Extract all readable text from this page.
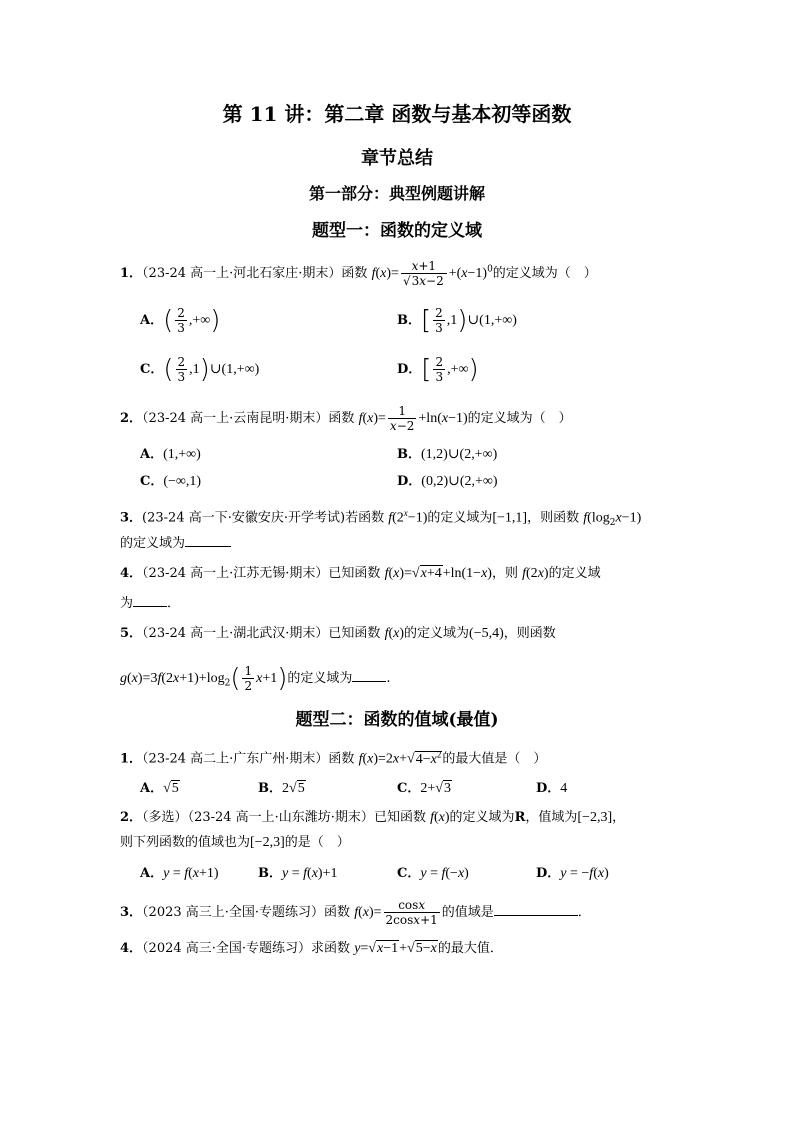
第 11 讲：第二章 函数与基本初等函数
章节总结
第一部分：典型例题讲解
题型一：函数的定义域
1．（23-24 高一上·河北石家庄·期末）函数 $f(x)= \frac{x+1}{√3x-2} +(x-1)^0$的定义域为（　）
A．( $\frac{2}{3}$ ,+∞)	B．[ $\frac{2}{3}$ ,1)∪(1,+∞)
C．( $\frac{2}{3}$ ,1)∪(1,+∞)	D．[ $\frac{2}{3}$ ,+∞)
2．（23-24 高一上·云南昆明·期末）函数 $f(x)= \frac{1}{x-2} +\ln(x-1)$的定义域为（　）
A．(1,+∞)	B．(1,2)∪(2,+∞)
C．(−∞,1)	D．(0,2)∪(2,+∞)
3．(23-24 高一下·安徽安庆·开学考试)若函数 $f(2^x-1)$的定义域为[−1,1]，则函数 $f(\log_2x-1)$
的定义域为
4．（23-24 高一上·江苏无锡·期末）已知函数 f(x)=√x+4+ln(1−x)，则 f(2x)的定义域
为	．
5．（23-24 高一上·湖北武汉·期末）已知函数 f(x)的定义域为(−5,4)，则函数
$g(x)=3f(2x+1)+\log_2( \frac{1}{2} x+1)$的定义域为	.
题型二：函数的值域(最值)
1．（23-24 高二上·广东广州·期末）函数 $f(x)=2x+√4-x^2$的最大值是（　）
A．√5	B．2√5	C．2+√3	D．4
2．（多选）（23-24 高一上·山东潍坊·期末）已知函数 f(x)的定义域为R，值域为[−2,3]，
则下列函数的值域也为[−2,3]的是（　）
A．y = f(x+1)	B．y = f(x)+1	C．y = f(−x)	D．y = −f(x)
3．（2023 高三上·全国·专题练习）函数 $f(x)= \frac{\cos x}{2\cos x+1}$ 的值域是	．
4．（2024 高三·全国·专题练习）求函数 y=√x−1+√5−x的最大值．
